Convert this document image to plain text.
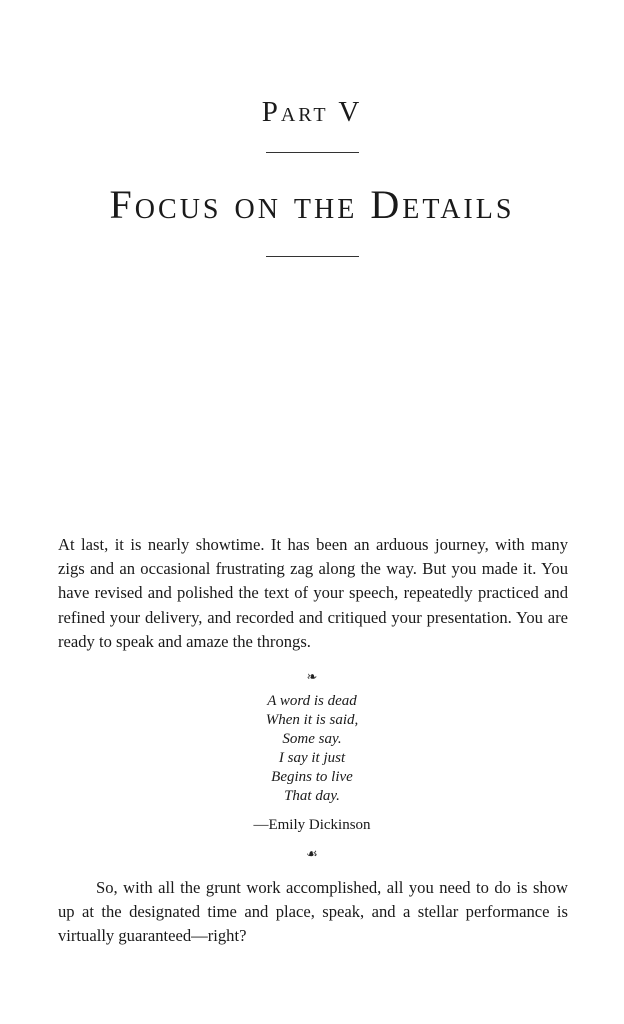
Part V
Focus on the Details

At last, it is nearly showtime. It has been an arduous journey, with many zigs and an occasional frustrating zag along the way. But you made it. You have revised and polished the text of your speech, repeatedly practiced and refined your delivery, and recorded and critiqued your presentation. You are ready to speak and amaze the throngs.

❧
A word is dead
When it is said,
Some say.
I say it just
Begins to live
That day.
—Emily Dickinson
☙

So, with all the grunt work accomplished, all you need to do is show up at the designated time and place, speak, and a stellar performance is virtually guaranteed—right?
